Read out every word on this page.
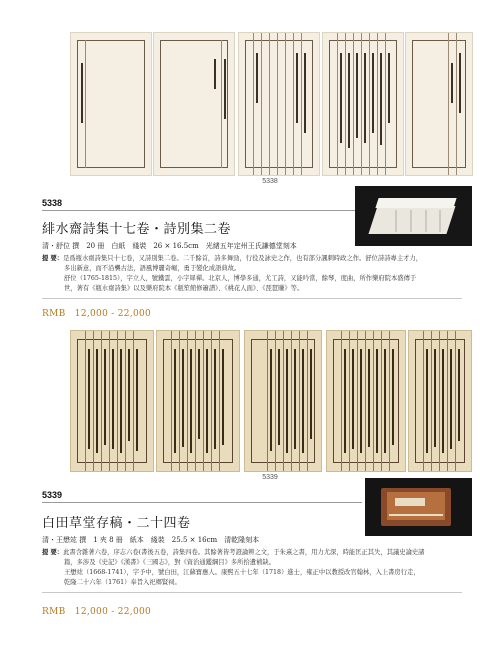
5338
5338
緋水齋詩集十七卷・詩別集二卷
清・舒位 撰　20 冊　白紙　綫裝　26 × 16.5cm　光緒五年定州王氏謙德堂刻本
提 要：是爲瓶水齋詩集只十七卷，又詩別集二卷。二千餘首，詩多舞勁，行役及詠史之作，也有部分諷刺時政之作。舒位詩詩專主才力，
多出新意，而不沿襲古法，語風博麗奇崛，勇于變化成語典故。
舒位（1765-1815），字立人，號鐵雲，小字犀禪。北京人，博學多通，尤工詩，又能吟當，餘琴，度曲，所作樂府院本盛傳于
世，著有《瓶水齋詩集》以及樂府院本《瓶笙館修簫譜》、《桃花人面》、《琵琶賺》等。
RMB　12,000 - 22,000
5339
5339
白田草堂存稿・二十四卷
清・王懋竑 撰　1 夾 8 冊　紙本　綫裝　25.5 × 16cm　清乾隆刻本
提 要：此書含雜著六卷，序志六卷(書後五卷，詩集四卷。其餘著皆考證論辨之文，于朱熹之書，用力尤深，時能匡正其失，其議史論史諸
篇，多涉及《史記》《漢書》《三國志》，對《資治通鑑綱目》多所拾遺補缺。
王懋竑（1668-1741），字予中，號白田，江蘇寶應人。康熙五十七年（1718）進士，雍正中以教授改官翰林，入上書房行走，
乾隆二十六年（1761）奉旨入祀鄉賢祠。
RMB　12,000 - 22,000
